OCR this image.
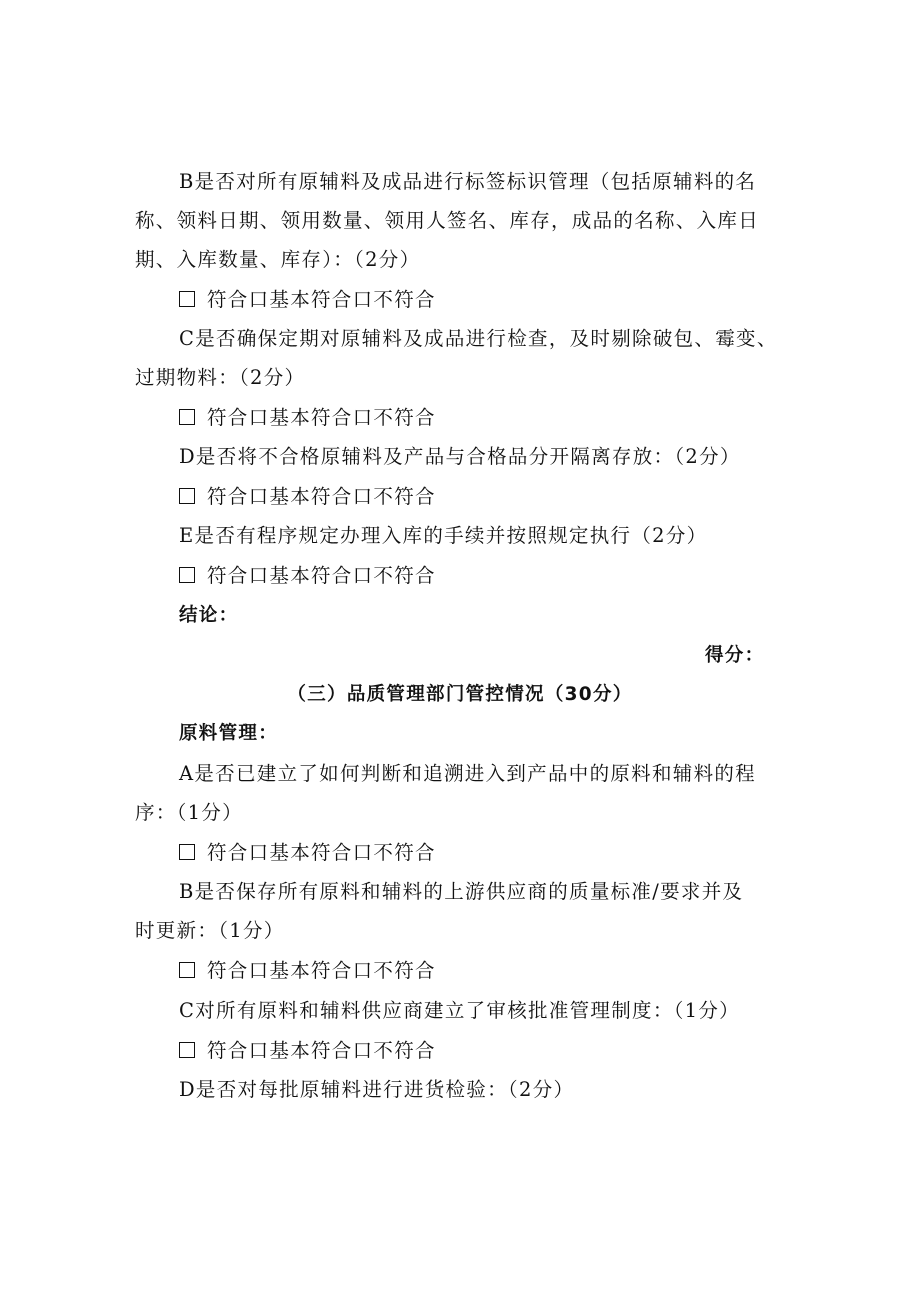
B是否对所有原辅料及成品进行标签标识管理（包括原辅料的名
称、领料日期、领用数量、领用人签名、库存，成品的名称、入库日
期、入库数量、库存）：（2分）
符合口基本符合口不符合
C是否确保定期对原辅料及成品进行检查，及时剔除破包、霉变、
过期物料：（2分）
符合口基本符合口不符合
D是否将不合格原辅料及产品与合格品分开隔离存放：（2分）
符合口基本符合口不符合
E是否有程序规定办理入库的手续并按照规定执行（2分）
符合口基本符合口不符合
结论：
得分：
（三）品质管理部门管控情况（30分）
原料管理：
A是否已建立了如何判断和追溯进入到产品中的原料和辅料的程
序：（1分）
符合口基本符合口不符合
B是否保存所有原料和辅料的上游供应商的质量标准/要求并及
时更新：（1分）
符合口基本符合口不符合
C对所有原料和辅料供应商建立了审核批准管理制度：（1分）
符合口基本符合口不符合
D是否对每批原辅料进行进货检验：（2分）
